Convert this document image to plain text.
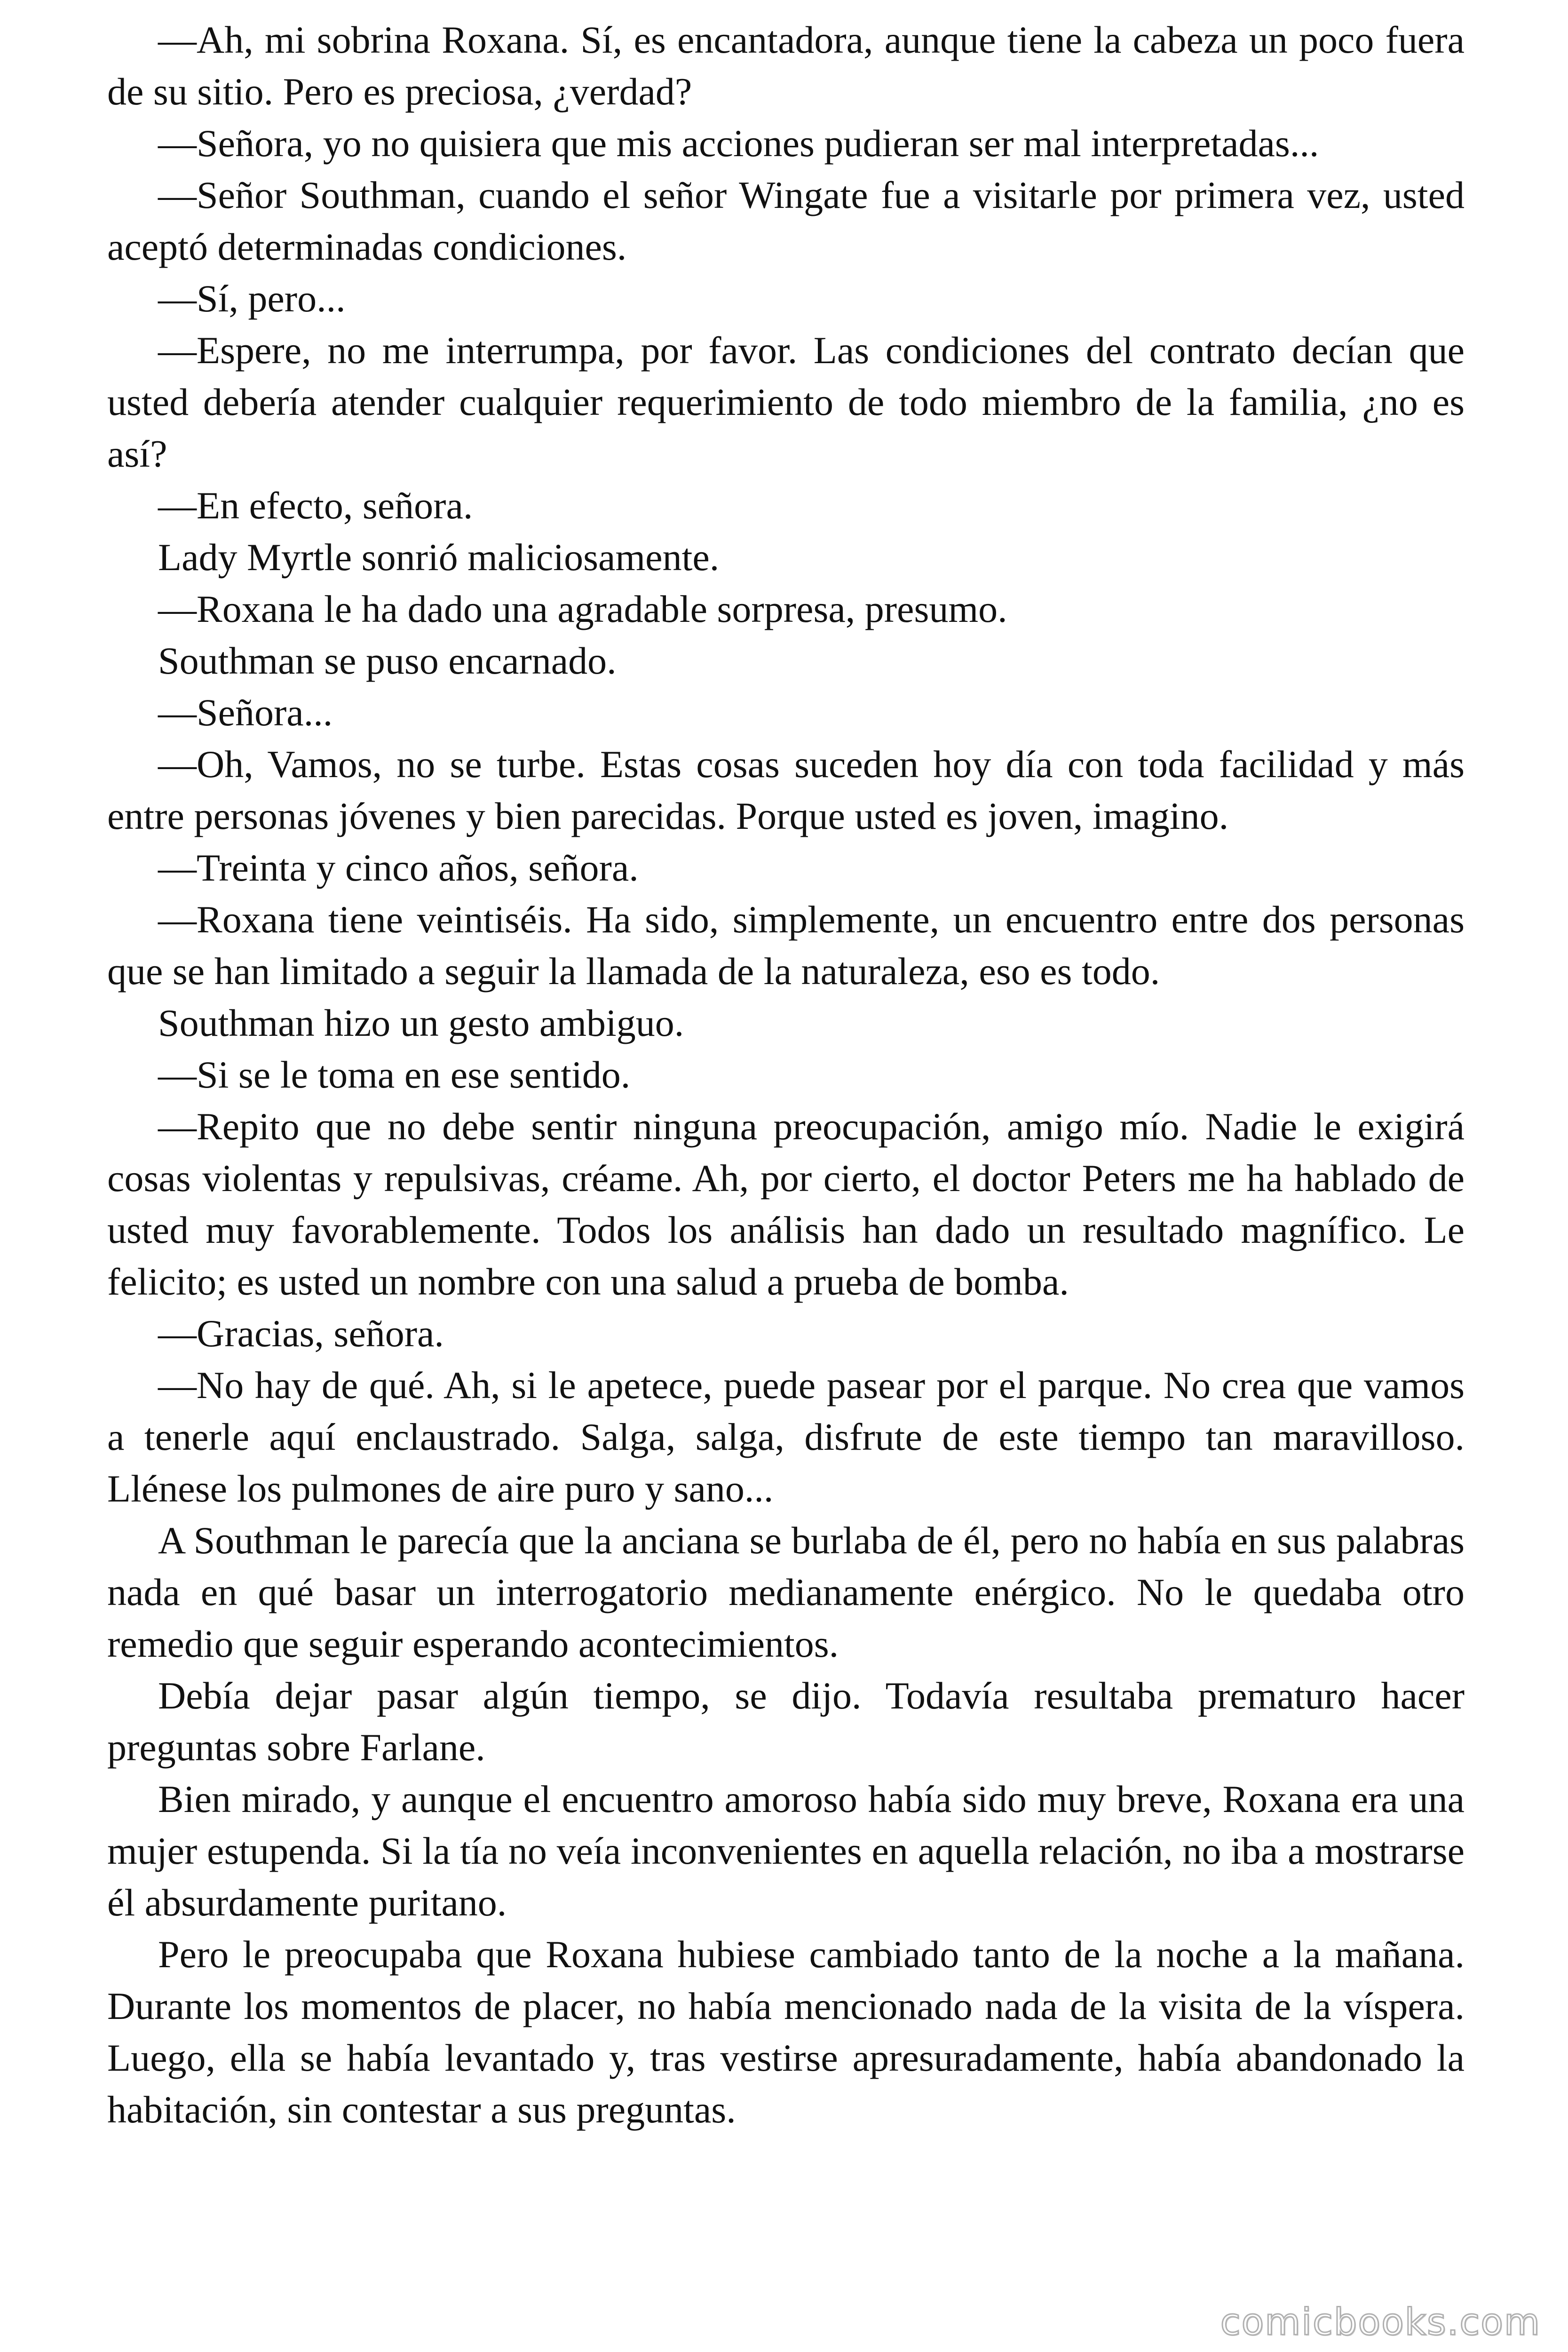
—Ah, mi sobrina Roxana. Sí, es encantadora, aunque tiene la cabeza un poco fuera de su sitio. Pero es preciosa, ¿verdad?

—Señora, yo no quisiera que mis acciones pudieran ser mal interpretadas...

—Señor Southman, cuando el señor Wingate fue a visitarle por primera vez, usted aceptó determinadas condiciones.

—Sí, pero...

—Espere, no me interrumpa, por favor. Las condiciones del contrato decían que usted debería atender cualquier requerimiento de todo miembro de la familia, ¿no es así?

—En efecto, señora.

Lady Myrtle sonrió maliciosamente.

—Roxana le ha dado una agradable sorpresa, presumo.

Southman se puso encarnado.

—Señora...

—Oh, Vamos, no se turbe. Estas cosas suceden hoy día con toda facilidad y más entre personas jóvenes y bien parecidas. Porque usted es joven, imagino.

—Treinta y cinco años, señora.

—Roxana tiene veintiséis. Ha sido, simplemente, un encuentro entre dos personas que se han limitado a seguir la llamada de la naturaleza, eso es todo.

Southman hizo un gesto ambiguo.

—Si se le toma en ese sentido.

—Repito que no debe sentir ninguna preocupación, amigo mío. Nadie le exigirá cosas violentas y repulsivas, créame. Ah, por cierto, el doctor Peters me ha hablado de usted muy favorablemente. Todos los análisis han dado un resultado magnífico. Le felicito; es usted un nombre con una salud a prueba de bomba.

—Gracias, señora.

—No hay de qué. Ah, si le apetece, puede pasear por el parque. No crea que vamos a tenerle aquí enclaustrado. Salga, salga, disfrute de este tiempo tan maravilloso. Llénese los pulmones de aire puro y sano...

A Southman le parecía que la anciana se burlaba de él, pero no había en sus palabras nada en qué basar un interrogatorio medianamente enérgico. No le quedaba otro remedio que seguir esperando acontecimientos.

Debía dejar pasar algún tiempo, se dijo. Todavía resultaba prematuro hacer preguntas sobre Farlane.

Bien mirado, y aunque el encuentro amoroso había sido muy breve, Roxana era una mujer estupenda. Si la tía no veía inconvenientes en aquella relación, no iba a mostrarse él absurdamente puritano.

Pero le preocupaba que Roxana hubiese cambiado tanto de la noche a la mañana. Durante los momentos de placer, no había mencionado nada de la visita de la víspera. Luego, ella se había levantado y, tras vestirse apresuradamente, había abandonado la habitación, sin contestar a sus preguntas.

comicbooks.com
